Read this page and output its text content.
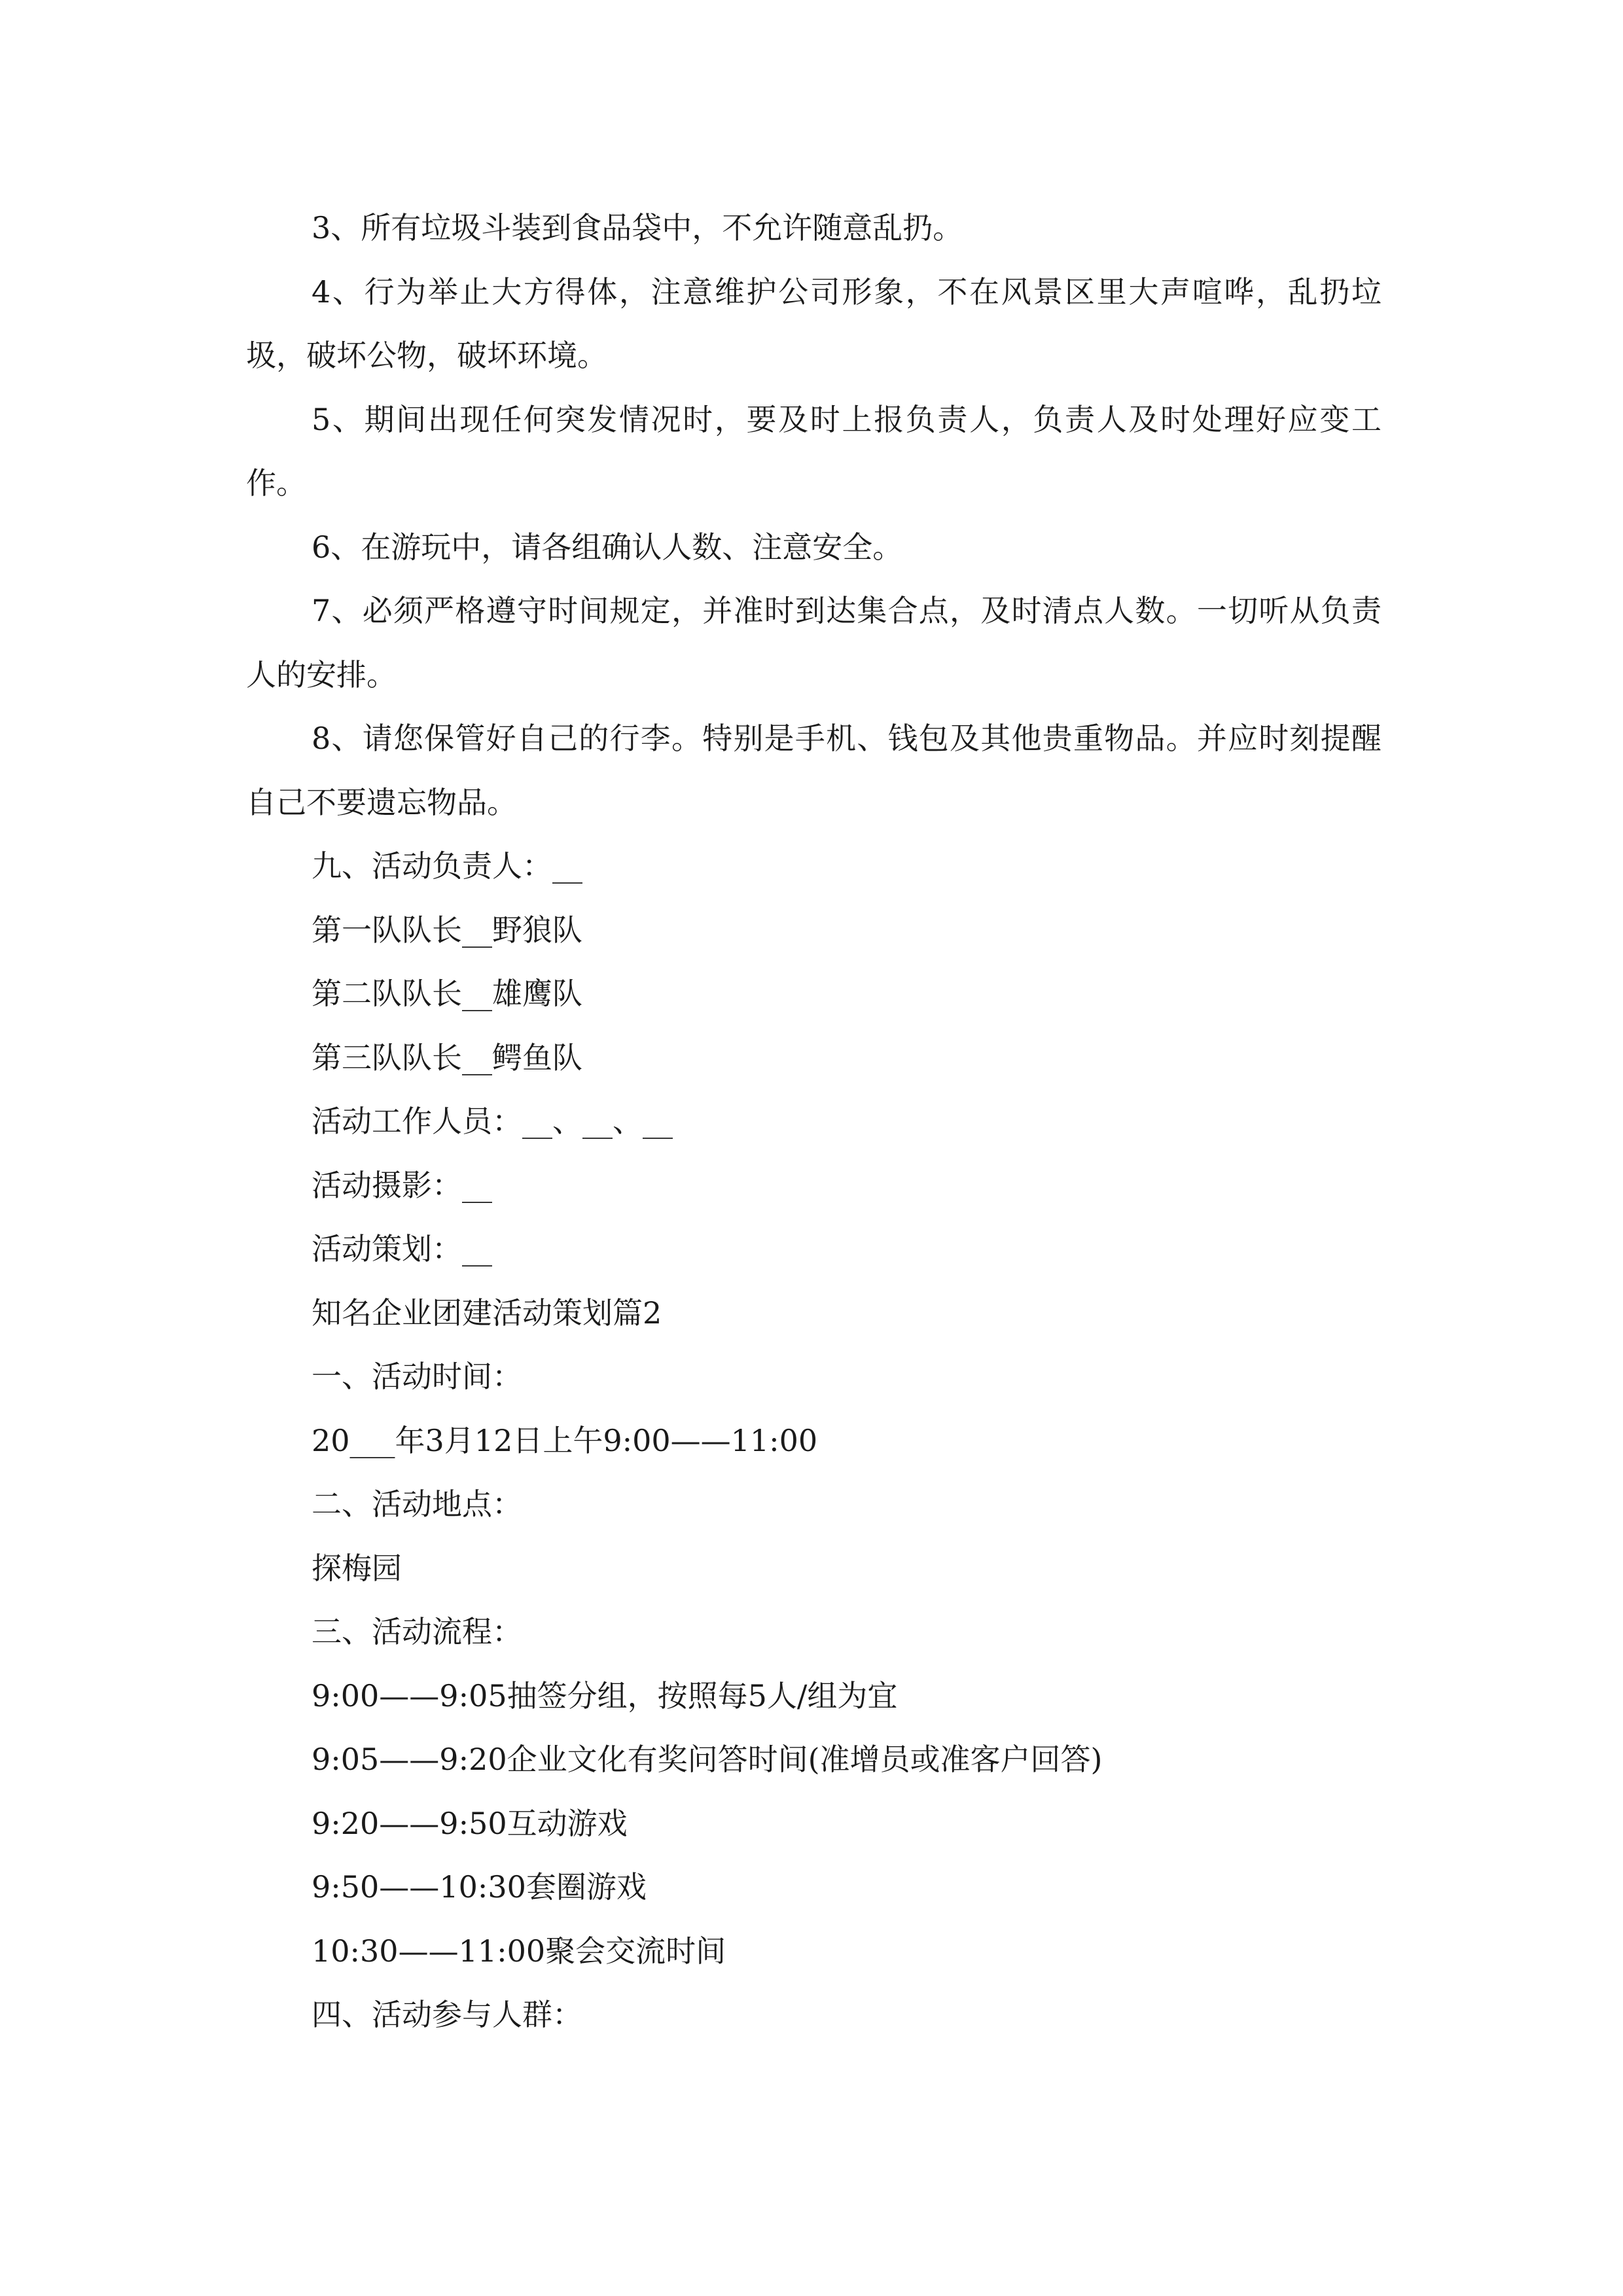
3、所有垃圾斗装到食品袋中，不允许随意乱扔。

4、行为举止大方得体，注意维护公司形象，不在风景区里大声喧哗，乱扔垃圾，破坏公物，破坏环境。

5、期间出现任何突发情况时，要及时上报负责人，负责人及时处理好应变工作。

6、在游玩中，请各组确认人数、注意安全。

7、必须严格遵守时间规定，并准时到达集合点，及时清点人数。一切听从负责人的安排。

8、请您保管好自己的行李。特别是手机、钱包及其他贵重物品。并应时刻提醒自己不要遗忘物品。

九、活动负责人：__

第一队队长__野狼队

第二队队长__雄鹰队

第三队队长__鳄鱼队

活动工作人员：__、__、__

活动摄影：__

活动策划：__

知名企业团建活动策划篇2

一、活动时间：

20___年3月12日上午9:00——11:00

二、活动地点：

探梅园

三、活动流程：

9:00——9:05抽签分组，按照每5人/组为宜

9:05——9:20企业文化有奖问答时间(准增员或准客户回答)

9:20——9:50互动游戏

9:50——10:30套圈游戏

10:30——11:00聚会交流时间

四、活动参与人群：
